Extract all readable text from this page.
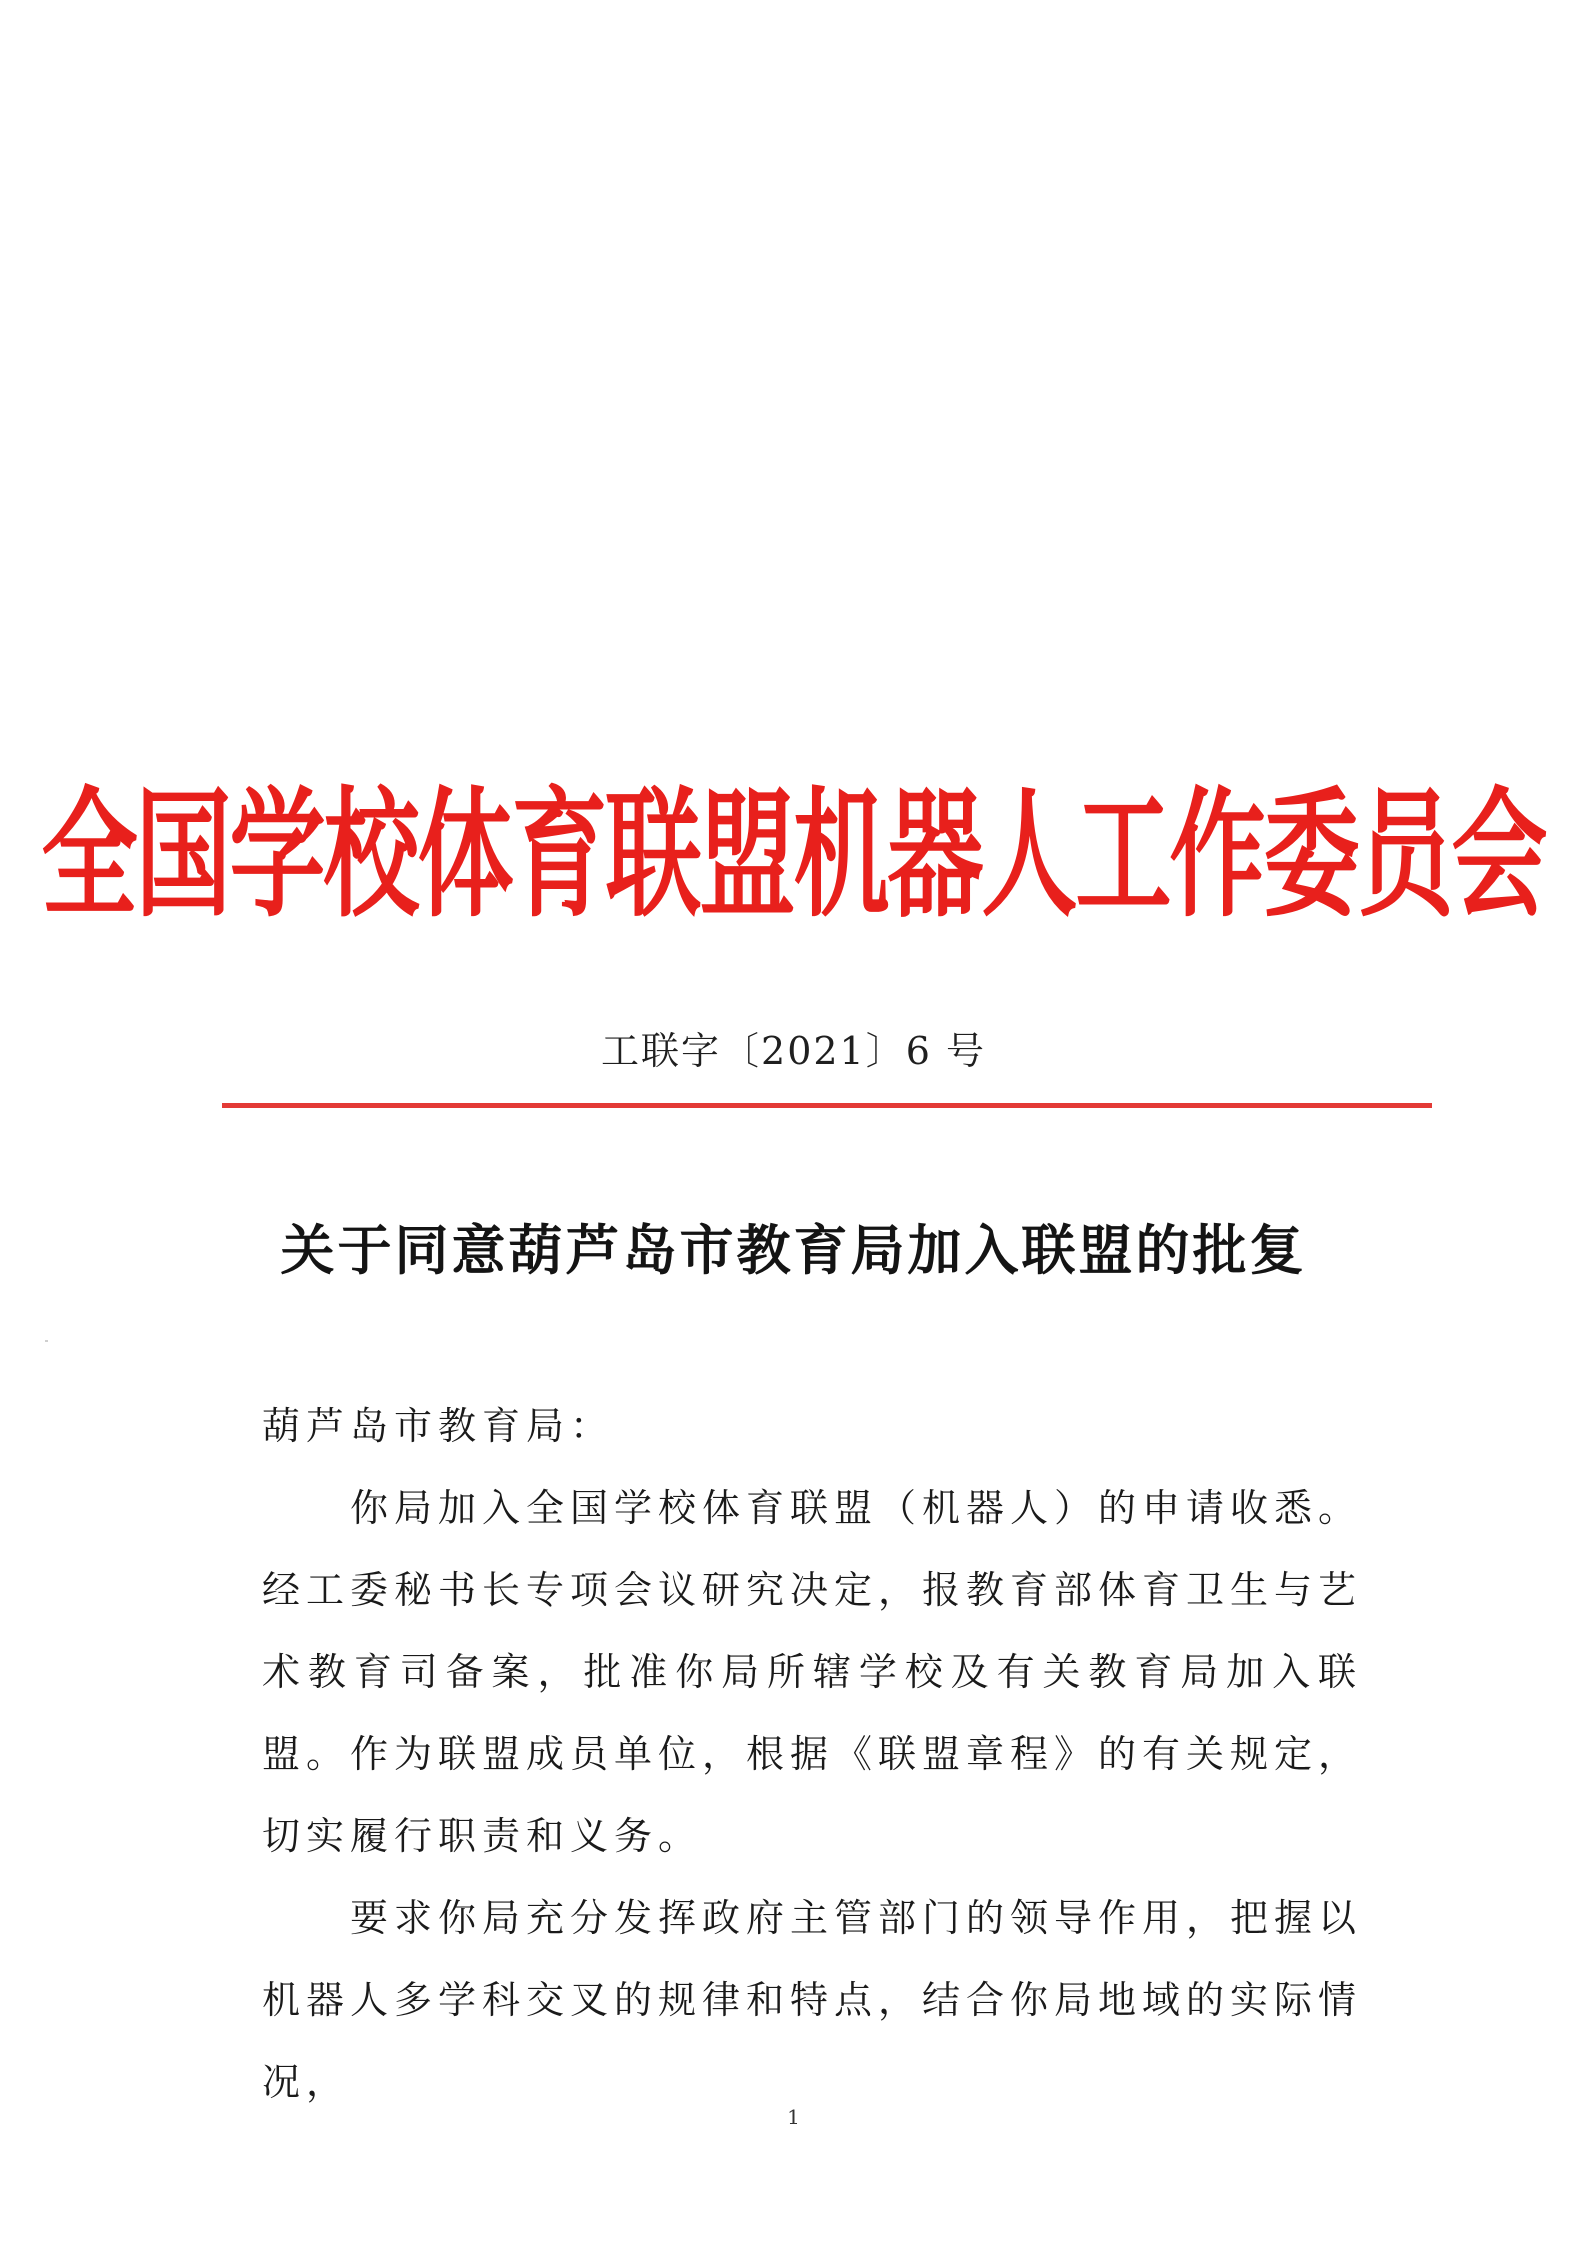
全国学校体育联盟机器人工作委员会
工联字〔2021〕6 号
关于同意葫芦岛市教育局加入联盟的批复

葫芦岛市教育局：

你局加入全国学校体育联盟（机器人）的申请收悉。经工委秘书长专项会议研究决定，报教育部体育卫生与艺术教育司备案，批准你局所辖学校及有关教育局加入联盟。作为联盟成员单位，根据《联盟章程》的有关规定，切实履行职责和义务。

要求你局充分发挥政府主管部门的领导作用，把握以机器人多学科交叉的规律和特点，结合你局地域的实际情况，

1
